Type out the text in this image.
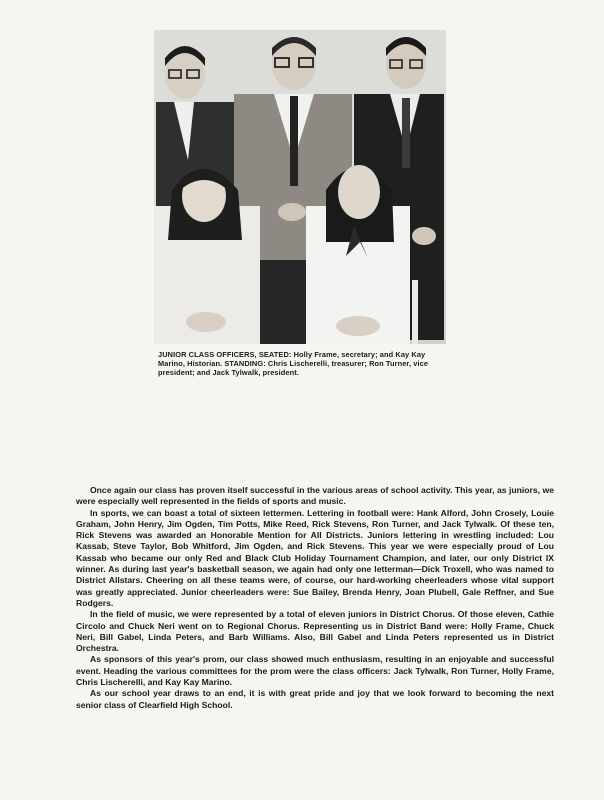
JUNIOR CLASS OFFICERS, SEATED: Holly Frame, secretary; and Kay Kay Marino, Historian. STANDING: Chris Lischerelli, treasurer; Ron Turner, vice president; and Jack Tylwalk, president.

Once again our class has proven itself successful in the various areas of school activity. This year, as juniors, we were especially well represented in the fields of sports and music.

In sports, we can boast a total of sixteen lettermen. Lettering in football were: Hank Alford, John Crosely, Louie Graham, John Henry, Jim Ogden, Tim Potts, Mike Reed, Rick Stevens, Ron Turner, and Jack Tylwalk. Of these ten, Rick Stevens was awarded an Honorable Mention for All Districts. Juniors lettering in wrestling included: Lou Kassab, Steve Taylor, Bob Whitford, Jim Ogden, and Rick Stevens. This year we were especially proud of Lou Kassab who became our only Red and Black Club Holiday Tournament Champion, and later, our only District IX winner. As during last year's basketball season, we again had only one letterman—Dick Troxell, who was named to District Allstars. Cheering on all these teams were, of course, our hard-working cheerleaders whose vital support was greatly appreciated. Junior cheerleaders were: Sue Bailey, Brenda Henry, Joan Plubell, Gale Reffner, and Sue Rodgers.

In the field of music, we were represented by a total of eleven juniors in District Chorus. Of those eleven, Cathie Circolo and Chuck Neri went on to Regional Chorus. Representing us in District Band were: Holly Frame, Chuck Neri, Bill Gabel, Linda Peters, and Barb Williams. Also, Bill Gabel and Linda Peters represented us in District Orchestra.

As sponsors of this year's prom, our class showed much enthusiasm, resulting in an enjoyable and successful event. Heading the various committees for the prom were the class officers: Jack Tylwalk, Ron Turner, Holly Frame, Chris Lischerelli, and Kay Kay Marino.

As our school year draws to an end, it is with great pride and joy that we look forward to becoming the next senior class of Clearfield High School.
